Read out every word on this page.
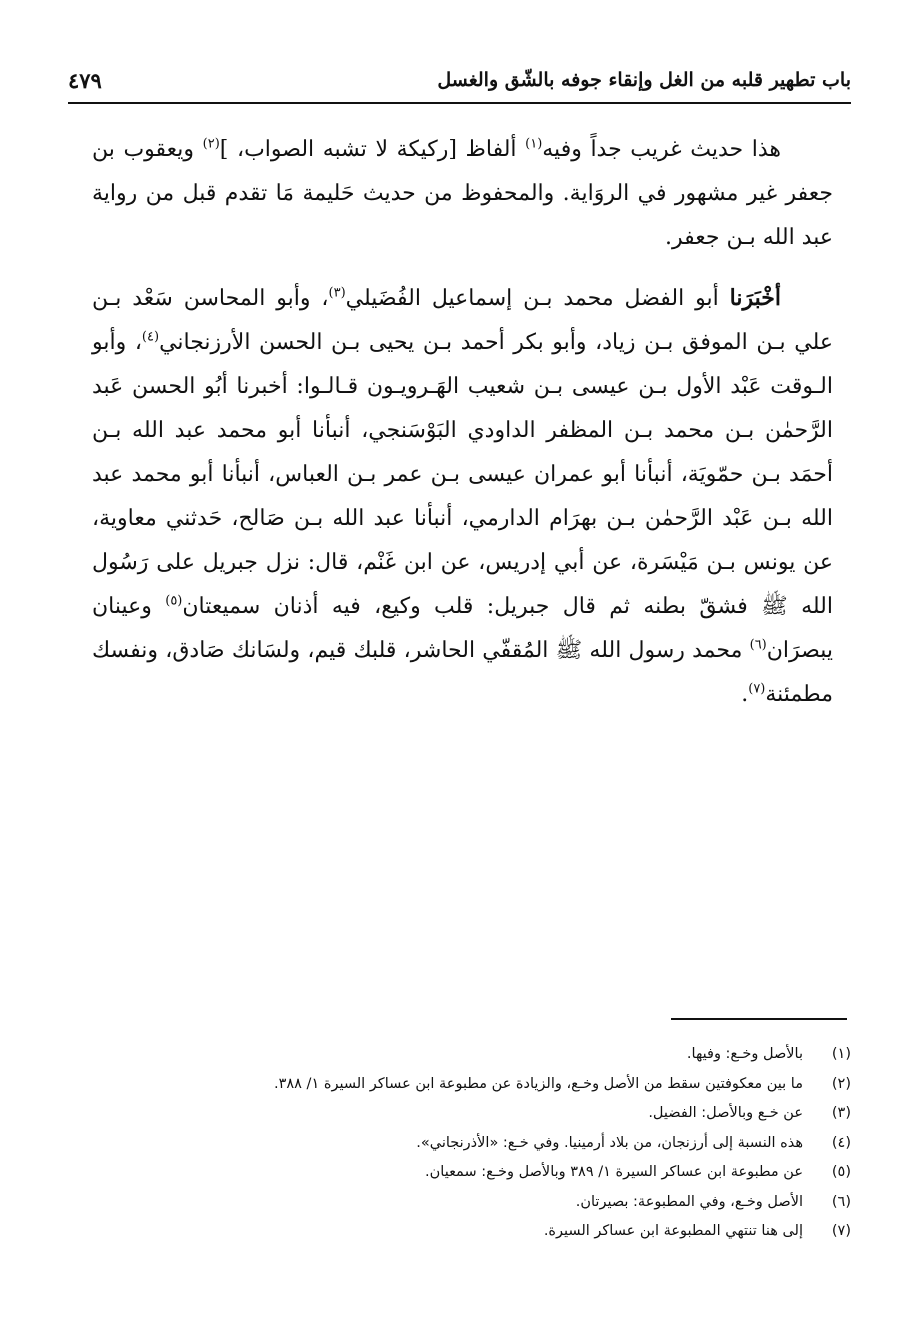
باب تطهير قلبه من الغل وإنقاء جوفه بالشّق والغسل
٤٧٩

هذا حديث غريب جداً وفيه$^{(١)}$ ألفاظ [ركيكة لا تشبه الصواب، ]$^{(٢)}$ ويعقوب بن جعفر غير مشهور في الروَاية. والمحفوظ من حديث حَليمة مَا تقدم قبل من رواية عبد الله بـن جعفر.

أخْبَرَنا أبو الفضل محمد بـن إسماعيل الفُضَيلي$^{(٣)}$، وأبو المحاسن سَعْد بـن علي بـن الموفق بـن زياد، وأبو بكر أحمد بـن يحيى بـن الحسن الأرزنجاني$^{(٤)}$، وأبو الـوقت عَبْد الأول بـن عيسى بـن شعيب الهَـرويـون قـالـوا: أخبرنا أبُو الحسن عَبد الرَّحمٰن بـن محمد بـن المظفر الداودي البَوْسَنجي، أنبأنا أبو محمد عبد الله بـن أحمَد بـن حمّويَة، أنبأنا أبو عمران عيسى بـن عمر بـن العباس، أنبأنا أبو محمد عبد الله بـن عَبْد الرَّحمٰن بـن بهرَام الدارمي، أنبأنا عبد الله بـن صَالح، حَدثني معاوية، عن يونس بـن مَيْسَرة، عن أبي إدريس، عن ابن غَنْم، قال: نزل جبريل على رَسُول الله ﷺ فشقّ بطنه ثم قال جبريل: قلب وكيع، فيه أذنان سميعتان$^{(٥)}$ وعينان يبصرَان$^{(٦)}$ محمد رسول الله ﷺ المُقفّي الحاشر، قلبك قيم، ولسَانك صَادق، ونفسك مطمئنة$^{(٧)}$.

(١)
بالأصل وخـع: وفيها.
(٢)
ما بين معكوفتين سقط من الأصل وخـع، والزيادة عن مطبوعة ابن عساكر السيرة ١/ ٣٨٨.
(٣)
عن خـع وبالأصل: الفضيل.
(٤)
هذه النسبة إلى أرزنجان، من بلاد أرمينيا. وفي خـع: «الأذرنجاني».
(٥)
عن مطبوعة ابن عساكر السيرة ١/ ٣٨٩ وبالأصل وخـع: سمعيان.
(٦)
الأصل وخـع، وفي المطبوعة: بصيرتان.
(٧)
إلى هنا تنتهي المطبوعة ابن عساكر السيرة.
